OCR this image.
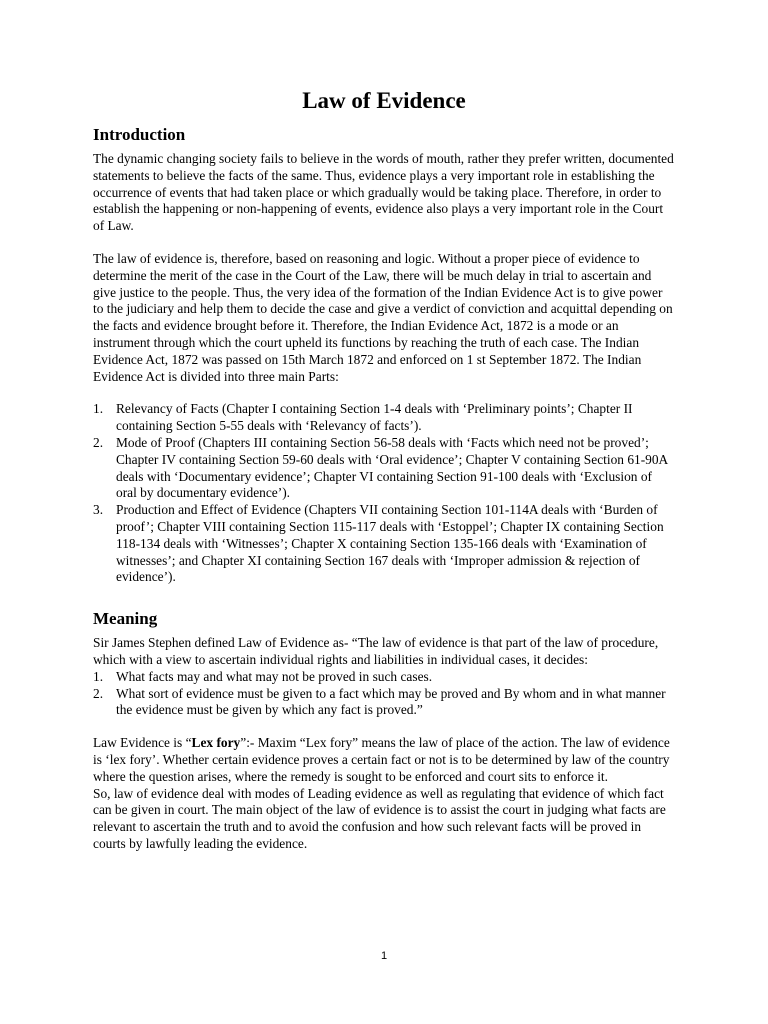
Law of Evidence
Introduction

The dynamic changing society fails to believe in the words of mouth, rather they prefer written, documented statements to believe the facts of the same. Thus, evidence plays a very important role in establishing the occurrence of events that had taken place or which gradually would be taking place. Therefore, in order to establish the happening or non-happening of events, evidence also plays a very important role in the Court of Law.

The law of evidence is, therefore, based on reasoning and logic. Without a proper piece of evidence to determine the merit of the case in the Court of the Law, there will be much delay in trial to ascertain and give justice to the people. Thus, the very idea of the formation of the Indian Evidence Act is to give power to the judiciary and help them to decide the case and give a verdict of conviction and acquittal depending on the facts and evidence brought before it. Therefore, the Indian Evidence Act, 1872 is a mode or an instrument through which the court upheld its functions by reaching the truth of each case. The Indian Evidence Act, 1872 was passed on 15th March 1872 and enforced on 1 st September 1872. The Indian Evidence Act is divided into three main Parts:

1. Relevancy of Facts (Chapter I containing Section 1-4 deals with ‘Preliminary points’; Chapter II containing Section 5-55 deals with ‘Relevancy of facts’).
2. Mode of Proof (Chapters III containing Section 56-58 deals with ‘Facts which need not be proved’; Chapter IV containing Section 59-60 deals with ‘Oral evidence’; Chapter V containing Section 61-90A deals with ‘Documentary evidence’; Chapter VI containing Section 91-100 deals with ‘Exclusion of oral by documentary evidence’).
3. Production and Effect of Evidence (Chapters VII containing Section 101-114A deals with ‘Burden of proof’; Chapter VIII containing Section 115-117 deals with ‘Estoppel’; Chapter IX containing Section 118-134 deals with ‘Witnesses’; Chapter X containing Section 135-166 deals with ‘Examination of witnesses’; and Chapter XI containing Section 167 deals with ‘Improper admission & rejection of evidence’).
Meaning

Sir James Stephen defined Law of Evidence as- “The law of evidence is that part of the law of procedure, which with a view to ascertain individual rights and liabilities in individual cases, it decides:

1. What facts may and what may not be proved in such cases.
2. What sort of evidence must be given to a fact which may be proved and By whom and in what manner the evidence must be given by which any fact is proved.”

Law Evidence is “Lex fory”:- Maxim “Lex fory” means the law of place of the action. The law of evidence is ‘lex fory’. Whether certain evidence proves a certain fact or not is to be determined by law of the country where the question arises, where the remedy is sought to be enforced and court sits to enforce it.

So, law of evidence deal with modes of Leading evidence as well as regulating that evidence of which fact can be given in court. The main object of the law of evidence is to assist the court in judging what facts are relevant to ascertain the truth and to avoid the confusion and how such relevant facts will be proved in courts by lawfully leading the evidence.

1
